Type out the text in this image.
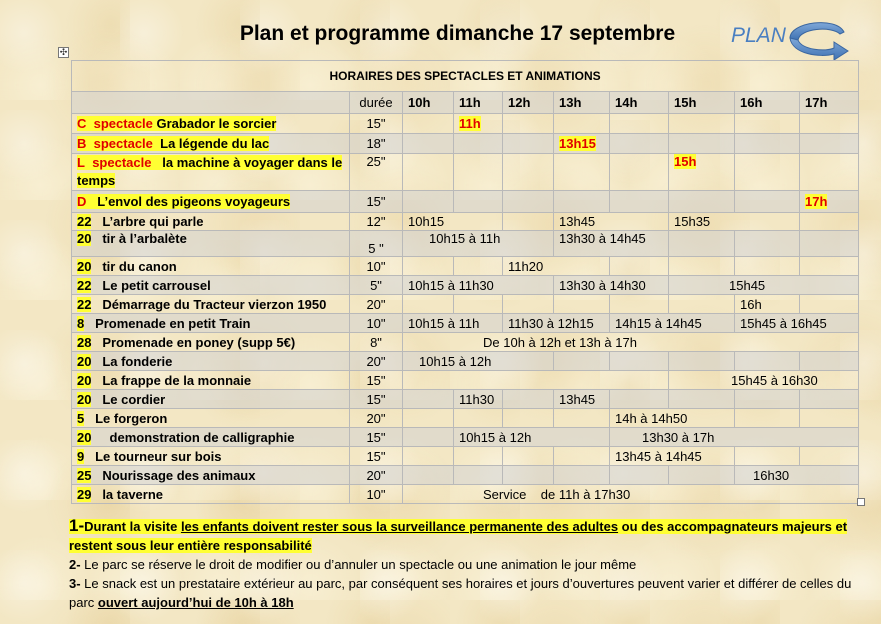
Plan et programme dimanche 17 septembre	PLAN
✣
HORAIRES DES SPECTACLES ET ANIMATIONS									
	durée	10h	11h	12h	13h	14h	15h	16h	17h
C spectacle Grabador le sorcier	15"		11h						
B spectacle La légende du lac	18"				13h15				
L spectacle la machine à voyager dans le temps	25"						15h		
D L’envol des pigeons voyageurs	15"								17h
22 L’arbre qui parle	12"	10h15			13h45		15h35		
20 tir à l’arbalète	5 "	10h15 à 11h			13h30 à 14h45				
20 tir du canon	10"			11h20					
22 Le petit carrousel	5"	10h15 à 11h30			13h30 à 14h30		15h45		
22 Démarrage du Tracteur vierzon 1950	20"							16h	
8 Promenade en petit Train	10"	10h15 à 11h		11h30 à 12h15		14h15 à 14h45		15h45 à 16h45	
28 Promenade en poney (supp 5€)	8"	De 10h à 12h et 13h à 17h							
20 La fonderie	20"	10h15 à 12h							
20 La frappe de la monnaie	15"						15h45 à 16h30		
20 Le cordier	15"		11h30		13h45				
5 Le forgeron	20"					14h à 14h50			
20 demonstration de calligraphie	15"		10h15 à 12h			13h30 à 17h			
9 Le tourneur sur bois	15"					13h45 à 14h45			
25 Nourissage des animaux	20"							16h30	
29 la taverne	10"	Service    de 11h à 17h30							

1-Durant la visite les enfants doivent rester sous la surveillance permanente des adultes ou des accompagnateurs majeurs et restent sous leur entière responsabilité

2- Le parc se réserve le droit de modifier ou d’annuler un spectacle ou une animation le jour même

3- Le snack est un prestataire extérieur au parc, par conséquent ses horaires et jours d’ouvertures peuvent varier et différer de celles du parc ouvert aujourd’hui de 10h à 18h
